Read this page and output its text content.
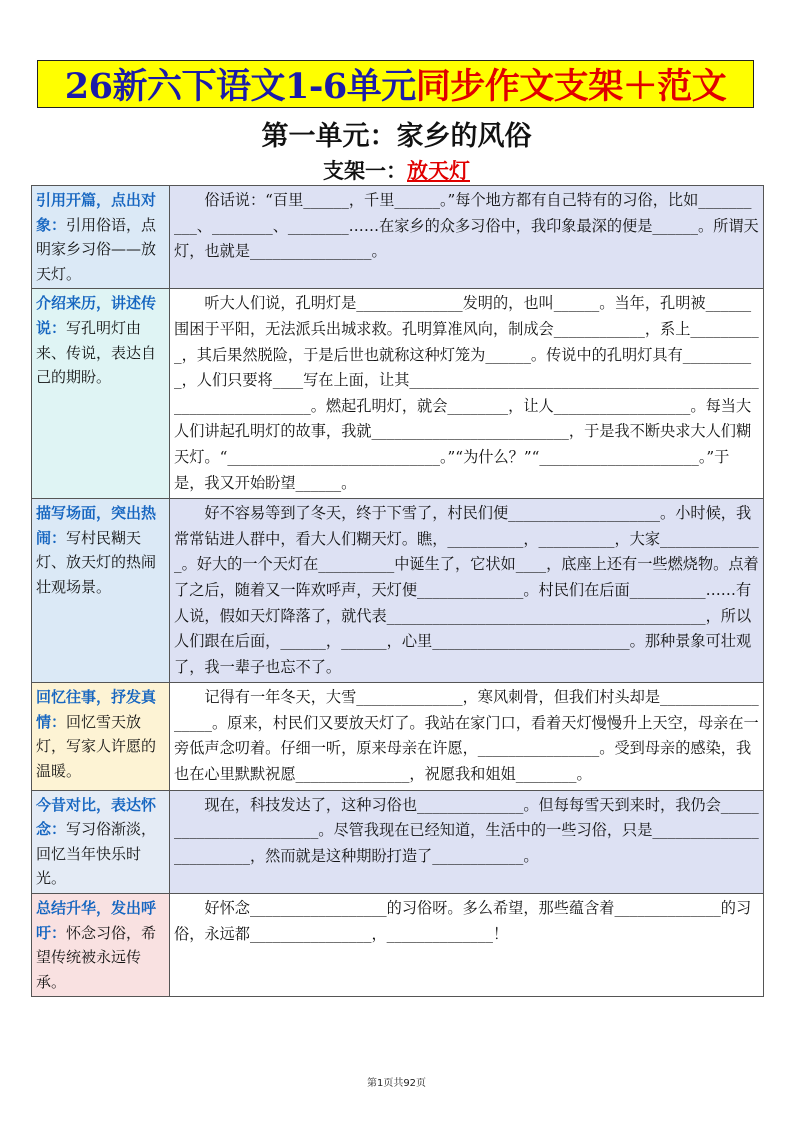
26新六下语文1-6单元 同步作文支架＋范文
第一单元：家乡的风俗
支架一：放天灯
引用开篇，点出对象：引用俗语，点明家乡习俗——放天灯。	　　俗话说：“百里______，千里______。”每个地方都有自己特有的习俗，比如__________、________、________……在家乡的众多习俗中，我印象最深的便是______。所谓天灯，也就是________________。

介绍来历，讲述传说：写孔明灯由来、传说，表达自己的期盼。	　　听大人们说，孔明灯是______________发明的，也叫______。当年，孔明被______围困于平阳，无法派兵出城求救。孔明算准风向，制成会____________，系上__________，其后果然脱险，于是后世也就称这种灯笼为______。传说中的孔明灯具有__________，人们只要将____写在上面，让其________________________________________________________________。燃起孔明灯，就会________，让人__________________。每当大人们讲起孔明灯的故事，我就__________________________，于是我不断央求大人们糊天灯。“____________________________。”“为什么？”“_____________________。”于是，我又开始盼望______。

描写场面，突出热闹：写村民糊天灯、放天灯的热闹壮观场景。	　　好不容易等到了冬天，终于下雪了，村民们便____________________。小时候，我常常钻进人群中，看大人们糊天灯。瞧，__________，__________，大家______________。好大的一个天灯在__________中诞生了，它状如____，底座上还有一些燃烧物。点着了之后，随着又一阵欢呼声，天灯便______________。村民们在后面__________……有人说，假如天灯降落了，就代表__________________________________________，所以人们跟在后面，______，______，心里__________________________。那种景象可壮观了，我一辈子也忘不了。

回忆往事，抒发真情：回忆雪天放灯，写家人许愿的温暖。	　　记得有一年冬天，大雪______________，寒风刺骨，但我们村头却是__________________。原来，村民们又要放天灯了。我站在家门口，看着天灯慢慢升上天空，母亲在一旁低声念叨着。仔细一听，原来母亲在许愿，________________。受到母亲的感染，我也在心里默默祝愿_______________，祝愿我和姐姐________。

今昔对比，表达怀念：写习俗渐淡，回忆当年快乐时光。	　　现在，科技发达了，这种习俗也______________。但每每雪天到来时，我仍会________________________。尽管我现在已经知道，生活中的一些习俗，只是________________________，然而就是这种期盼打造了____________。

总结升华，发出呼吁：怀念习俗，希望传统被永远传承。	　　好怀念__________________的习俗呀。多么希望，那些蕴含着______________的习俗，永远都________________，______________！

第1页共92页
